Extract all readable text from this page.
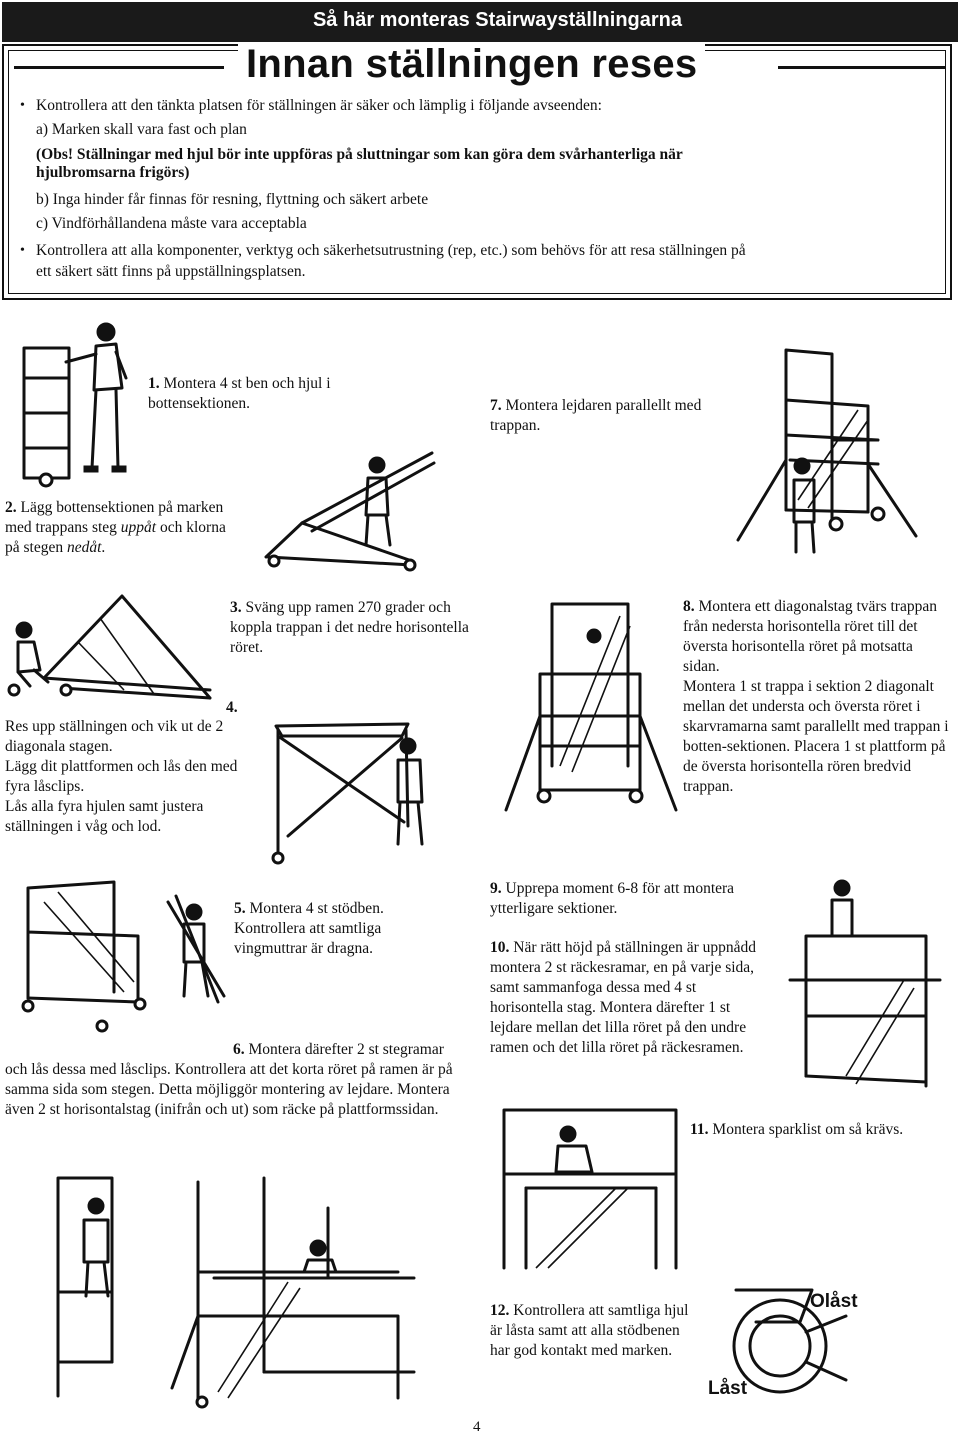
Så här monteras Stairwayställningarna
Innan ställningen reses
• Kontrollera att den tänkta platsen för ställningen är säker och lämplig i följande avseenden:
a) Marken skall vara fast och plan
(Obs! Ställningar med hjul bör inte uppföras på sluttningar som kan göra dem svårhanterliga när
hjulbromsarna frigörs)
b) Inga hinder får finnas för resning, flyttning och säkert arbete
c) Vindförhållandena måste vara acceptabla
• Kontrollera att alla komponenter, verktyg och säkerhetsutrustning (rep, etc.) som behövs för att resa ställningen på
ett säkert sätt finns på uppställningsplatsen.
1. Montera 4 st ben och hjul i bottensektionen.	7. Montera lejdaren parallellt med trappan.
2. Lägg bottensektionen på marken med trappans steg uppåt och klorna på stegen nedåt.
3. Sväng upp ramen 270 grader och koppla trappan i det nedre horisontella röret.
8. Montera ett diagonalstag tvärs trappan från nedersta horisontella röret till det översta horisontella röret på motsatta sidan.
Montera 1 st trappa i sektion 2 diagonalt mellan det understa och översta röret i skarvramarna samt parallellt med trappan i botten-sektionen. Placera 1 st plattform på de översta horisontella rören bredvid trappan.
4.
Res upp ställningen och vik ut de 2 diagonala stagen.
Lägg dit plattformen och lås den med fyra låsclips.
Lås alla fyra hjulen samt justera ställningen i våg och lod.
9. Upprepa moment 6-8 för att montera ytterligare sektioner.
5. Montera 4 st stödben. Kontrollera att samtliga vingmuttrar är dragna.	10. När rätt höjd på ställningen är uppnådd montera 2 st räckesramar, en på varje sida, samt sammanfoga dessa med 4 st horisontella stag. Montera därefter 1 st lejdare mellan det lilla röret på den undre ramen och det lilla röret på räckesramen.
6. Montera därefter 2 st stegramar och lås dessa med låsclips. Kontrollera att det korta röret på ramen är på samma sida som stegen. Detta möjliggör montering av lejdare. Montera även 2 st horisontalstag (inifrån och ut) som räcke på plattformssidan.
11. Montera sparklist om så krävs.
12. Kontrollera att samtliga hjul är låsta samt att alla stödbenen har god kontakt med marken.
Olåst
Låst
4
